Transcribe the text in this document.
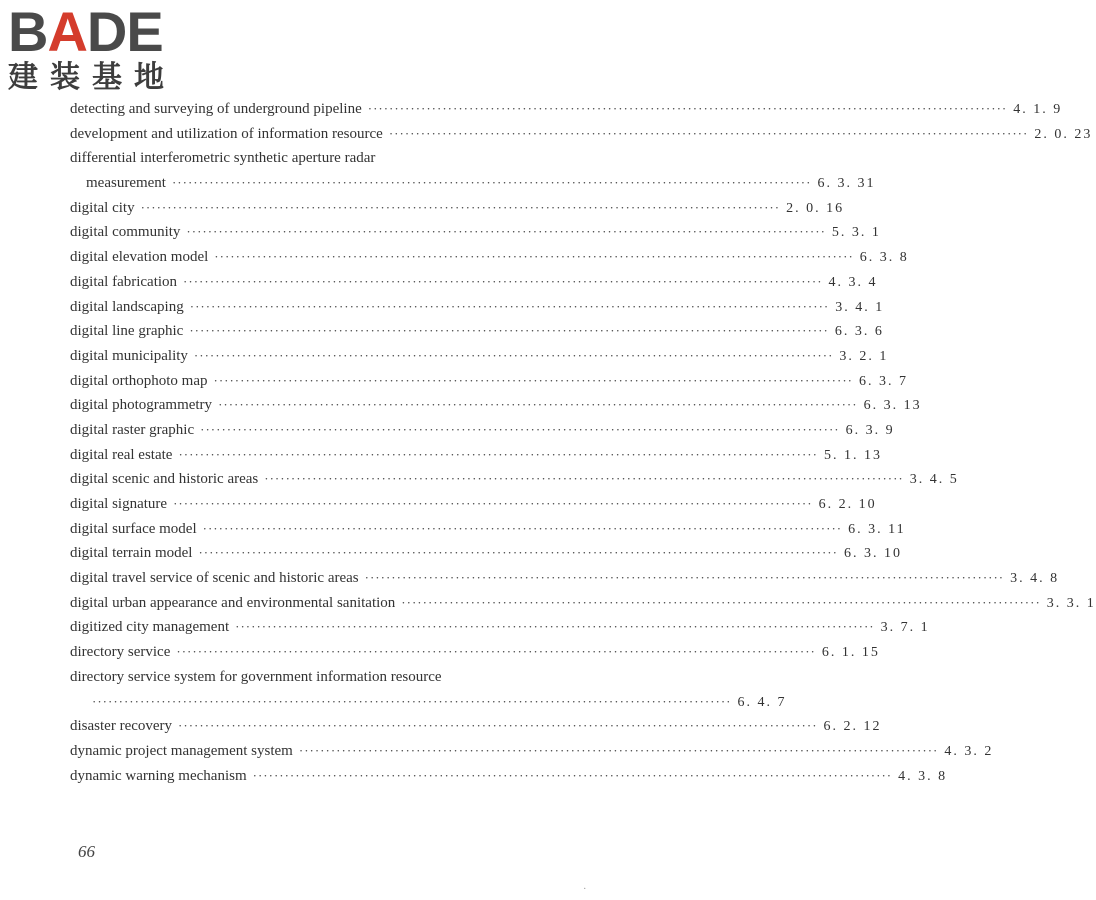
BADE
建装基地
detecting and surveying of underground pipeline ························································································································ 4. 1. 9
development and utilization of information resource ························································································································ 2. 0. 23
differential interferometric synthetic aperture radar
measurement ························································································································ 6. 3. 31
digital city ························································································································ 2. 0. 16
digital community ························································································································ 5. 3. 1
digital elevation model ························································································································ 6. 3. 8
digital fabrication ························································································································ 4. 3. 4
digital landscaping ························································································································ 3. 4. 1
digital line graphic ························································································································ 6. 3. 6
digital municipality ························································································································ 3. 2. 1
digital orthophoto map ························································································································ 6. 3. 7
digital photogrammetry ························································································································ 6. 3. 13
digital raster graphic ························································································································ 6. 3. 9
digital real estate ························································································································ 5. 1. 13
digital scenic and historic areas ························································································································ 3. 4. 5
digital signature ························································································································ 6. 2. 10
digital surface model ························································································································ 6. 3. 11
digital terrain model ························································································································ 6. 3. 10
digital travel service of scenic and historic areas ························································································································ 3. 4. 8
digital urban appearance and environmental sanitation ························································································································ 3. 3. 1
digitized city management ························································································································ 3. 7. 1
directory service ························································································································ 6. 1. 15
directory service system for government information resource
························································································································ 6. 4. 7
disaster recovery ························································································································ 6. 2. 12
dynamic project management system ························································································································ 4. 3. 2
dynamic warning mechanism ························································································································ 4. 3. 8
66
.
